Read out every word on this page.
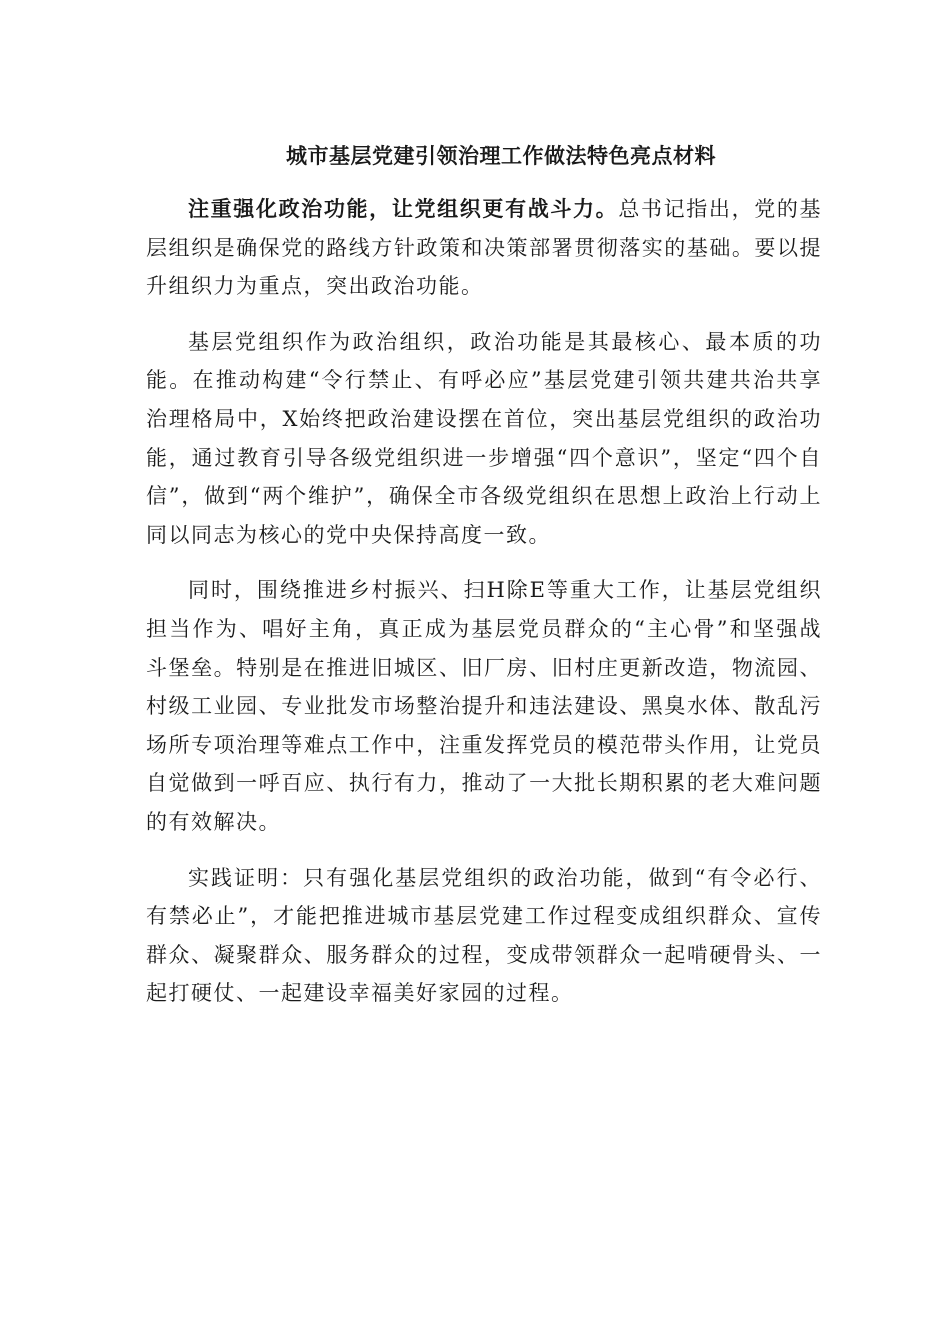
城市基层党建引领治理工作做法特色亮点材料

注重强化政治功能，让党组织更有战斗力。总书记指出，党的基层组织是确保党的路线方针政策和决策部署贯彻落实的基础。要以提升组织力为重点，突出政治功能。

基层党组织作为政治组织，政治功能是其最核心、最本质的功能。在推动构建“令行禁止、有呼必应”基层党建引领共建共治共享治理格局中，X始终把政治建设摆在首位，突出基层党组织的政治功能，通过教育引导各级党组织进一步增强“四个意识”，坚定“四个自信”，做到“两个维护”，确保全市各级党组织在思想上政治上行动上同以同志为核心的党中央保持高度一致。

同时，围绕推进乡村振兴、扫H除E等重大工作，让基层党组织担当作为、唱好主角，真正成为基层党员群众的“主心骨”和坚强战斗堡垒。特别是在推进旧城区、旧厂房、旧村庄更新改造，物流园、村级工业园、专业批发市场整治提升和违法建设、黑臭水体、散乱污场所专项治理等难点工作中，注重发挥党员的模范带头作用，让党员自觉做到一呼百应、执行有力，推动了一大批长期积累的老大难问题的有效解决。

实践证明：只有强化基层党组织的政治功能，做到“有令必行、有禁必止”，才能把推进城市基层党建工作过程变成组织群众、宣传群众、凝聚群众、服务群众的过程，变成带领群众一起啃硬骨头、一起打硬仗、一起建设幸福美好家园的过程。
